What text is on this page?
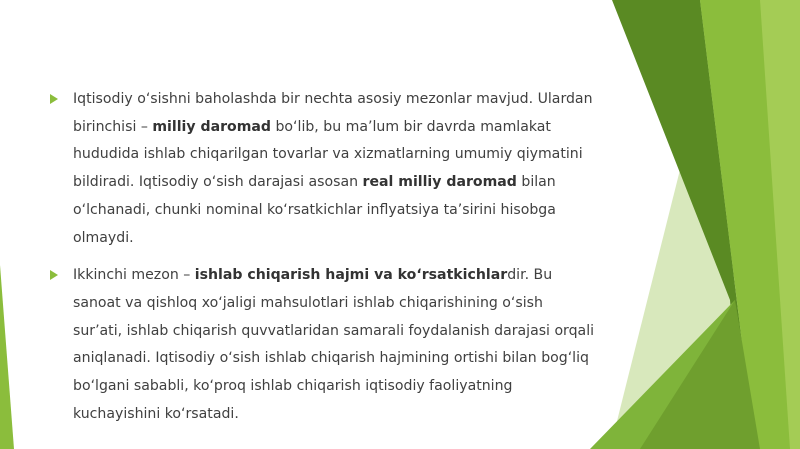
Iqtisodiy o‘sishni baholashda bir nechta asosiy mezonlar mavjud. Ulardan birinchisi – milliy daromad bo‘lib, bu ma’lum bir davrda mamlakat hududida ishlab chiqarilgan tovarlar va xizmatlarning umumiy qiymatini bildiradi. Iqtisodiy o‘sish darajasi asosan real milliy daromad bilan o‘lchanadi, chunki nominal ko‘rsatkichlar inflyatsiya ta’sirini hisobga olmaydi.
Ikkinchi mezon – ishlab chiqarish hajmi va ko‘rsatkichlardir. Bu sanoat va qishloq xo‘jaligi mahsulotlari ishlab chiqarishining o‘sish sur’ati, ishlab chiqarish quvvatlaridan samarali foydalanish darajasi orqali aniqlanadi. Iqtisodiy o‘sish ishlab chiqarish hajmining ortishi bilan bog‘liq bo‘lgani sababli, ko‘proq ishlab chiqarish iqtisodiy faoliyatning kuchayishini ko‘rsatadi.
